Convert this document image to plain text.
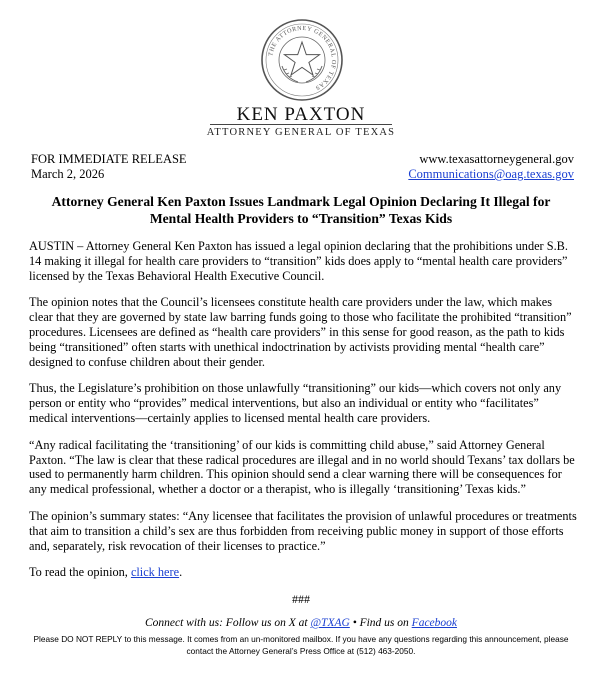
THE ATTORNEY GENERAL OF TEXAS
KEN PAXTON
ATTORNEY GENERAL OF TEXAS
FOR IMMEDIATE RELEASE
March 2, 2026
www.texasattorneygeneral.gov
Communications@oag.texas.gov
Attorney General Ken Paxton Issues Landmark Legal Opinion Declaring It Illegal for Mental Health Providers to “Transition” Texas Kids

AUSTIN – Attorney General Ken Paxton has issued a legal opinion declaring that the prohibitions under S.B. 14 making it illegal for health care providers to “transition” kids does apply to “mental health care providers” licensed by the Texas Behavioral Health Executive Council.

The opinion notes that the Council’s licensees constitute health care providers under the law, which makes clear that they are governed by state law barring funds going to those who facilitate the prohibited “transition” procedures. Licensees are defined as “health care providers” in this sense for good reason, as the path to kids being “transitioned” often starts with unethical indoctrination by activists providing mental “health care” designed to confuse children about their gender.

Thus, the Legislature’s prohibition on those unlawfully “transitioning” our kids—which covers not only any person or entity who “provides” medical interventions, but also an individual or entity who “facilitates” medical interventions—certainly applies to licensed mental health care providers.

“Any radical facilitating the ‘transitioning’ of our kids is committing child abuse,” said Attorney General Paxton. “The law is clear that these radical procedures are illegal and in no world should Texans’ tax dollars be used to permanently harm children. This opinion should send a clear warning there will be consequences for any medical professional, whether a doctor or a therapist, who is illegally ‘transitioning’ Texas kids.”

The opinion’s summary states: “Any licensee that facilitates the provision of unlawful procedures or treatments that aim to transition a child’s sex are thus forbidden from receiving public money in support of those efforts and, separately, risk revocation of their licenses to practice.”

To read the opinion, click here.

###
Connect with us: Follow us on X at @TXAG • Find us on Facebook
Please DO NOT REPLY to this message. It comes from an un-monitored mailbox. If you have any questions regarding this announcement, please contact the Attorney General’s Press Office at (512) 463-2050.
